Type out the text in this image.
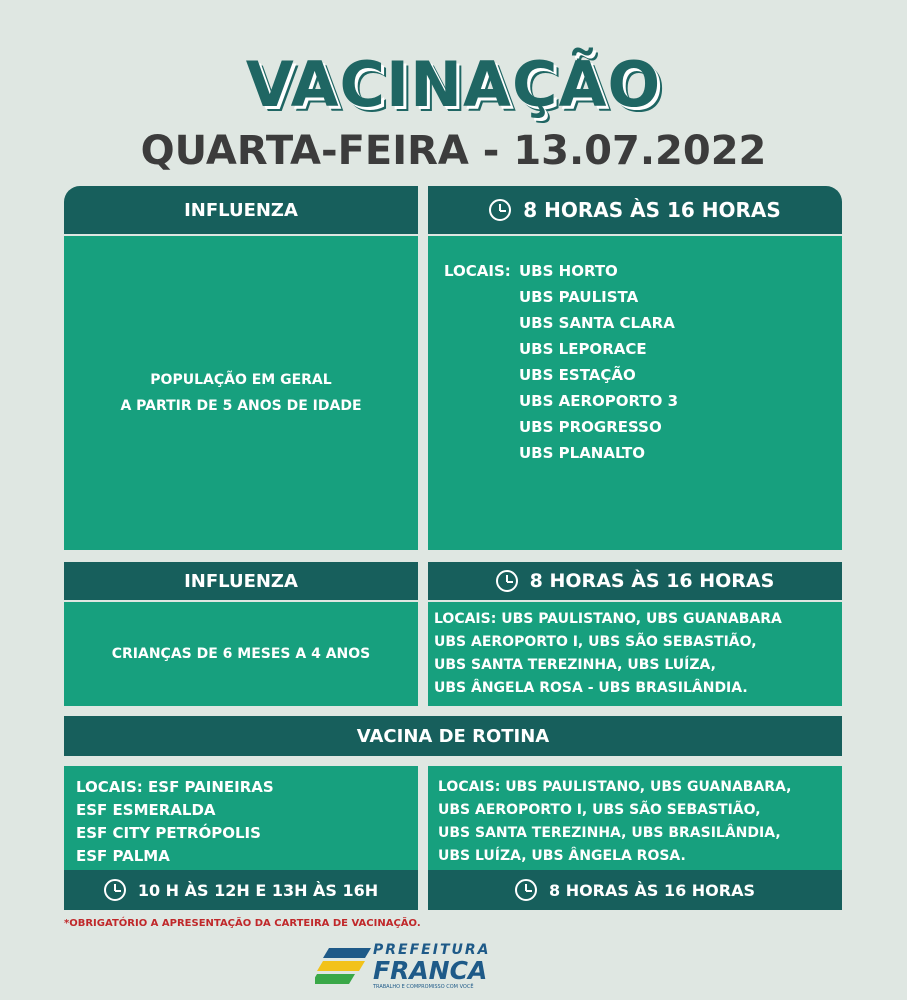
VACINAÇÃO
QUARTA-FEIRA - 13.07.2022
INFLUENZA	8 HORAS ÀS 16 HORAS
POPULAÇÃO EM GERAL
A PARTIR DE 5 ANOS DE IDADE
LOCAIS: UBS HORTO
UBS PAULISTA
UBS SANTA CLARA
UBS LEPORACE
UBS ESTAÇÃO
UBS AEROPORTO 3
UBS PROGRESSO
UBS PLANALTO
INFLUENZA	8 HORAS ÀS 16 HORAS
CRIANÇAS DE 6 MESES A 4 ANOS
LOCAIS: UBS PAULISTANO, UBS GUANABARA
UBS AEROPORTO I, UBS SÃO SEBASTIÃO,
UBS SANTA TEREZINHA, UBS LUÍZA,
UBS ÂNGELA ROSA - UBS BRASILÂNDIA.
VACINA DE ROTINA
LOCAIS: ESF PAINEIRAS
ESF ESMERALDA
ESF CITY PETRÓPOLIS
ESF PALMA
LOCAIS: UBS PAULISTANO, UBS GUANABARA,
UBS AEROPORTO I, UBS SÃO SEBASTIÃO,
UBS SANTA TEREZINHA, UBS BRASILÂNDIA,
UBS LUÍZA, UBS ÂNGELA ROSA.
10 H ÀS 12H E 13H ÀS 16H	8 HORAS ÀS 16 HORAS
*OBRIGATÓRIO A APRESENTAÇÃO DA CARTEIRA DE VACINAÇÃO.
PREFEITURA
FRANCA
TRABALHO E COMPROMISSO COM VOCÊ
